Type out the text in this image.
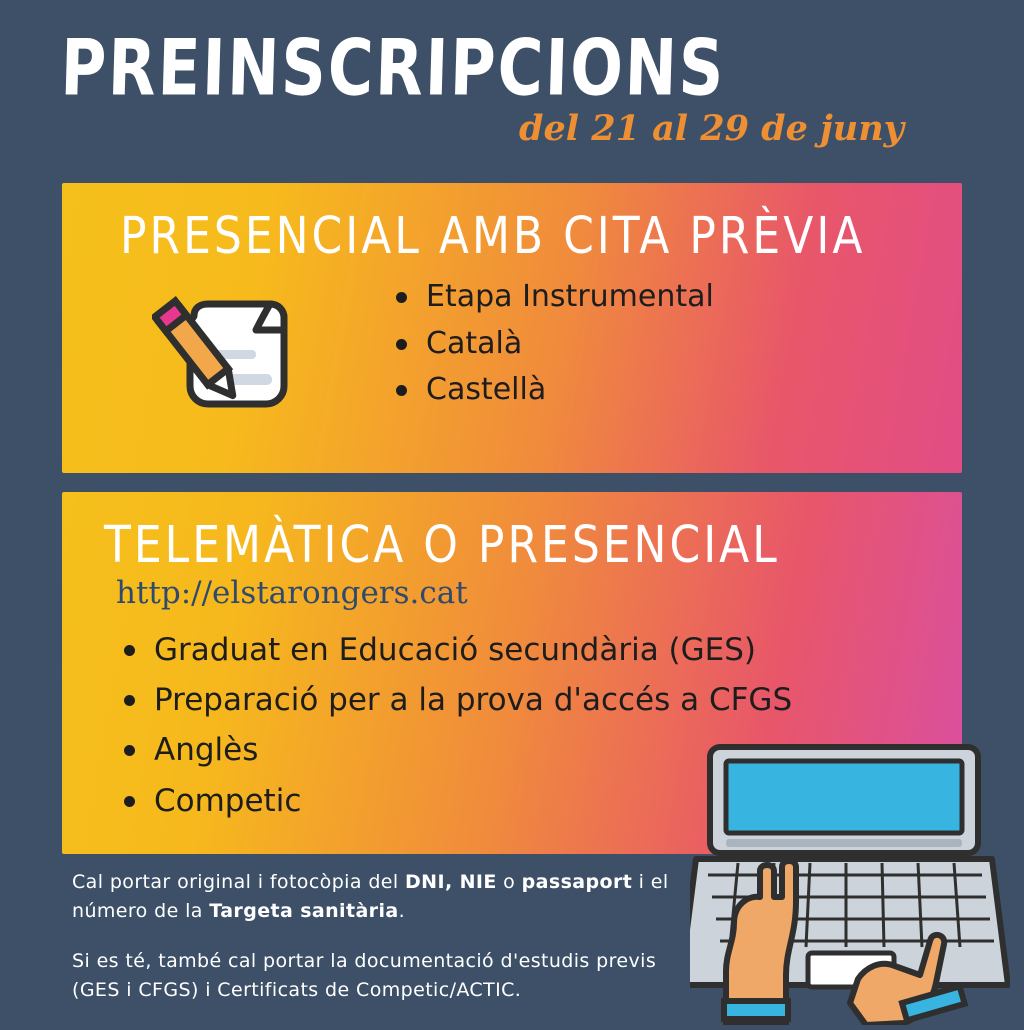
PREINSCRIPCIONS
del 21 al 29 de juny
PRESENCIAL AMB CITA PRÈVIA
Etapa Instrumental
Català
Castellà
TELEMÀTICA O PRESENCIAL
http://elstarongers.cat
Graduat en Educació secundària (GES)
Preparació per a la prova d'accés a CFGS
Anglès
Competic

Cal portar original i fotocòpia del DNI, NIE o passaport i el número de la Targeta sanitària.

Si es té, també cal portar la documentació d'estudis previs (GES i CFGS) i Certificats de Competic/ACTIC.
